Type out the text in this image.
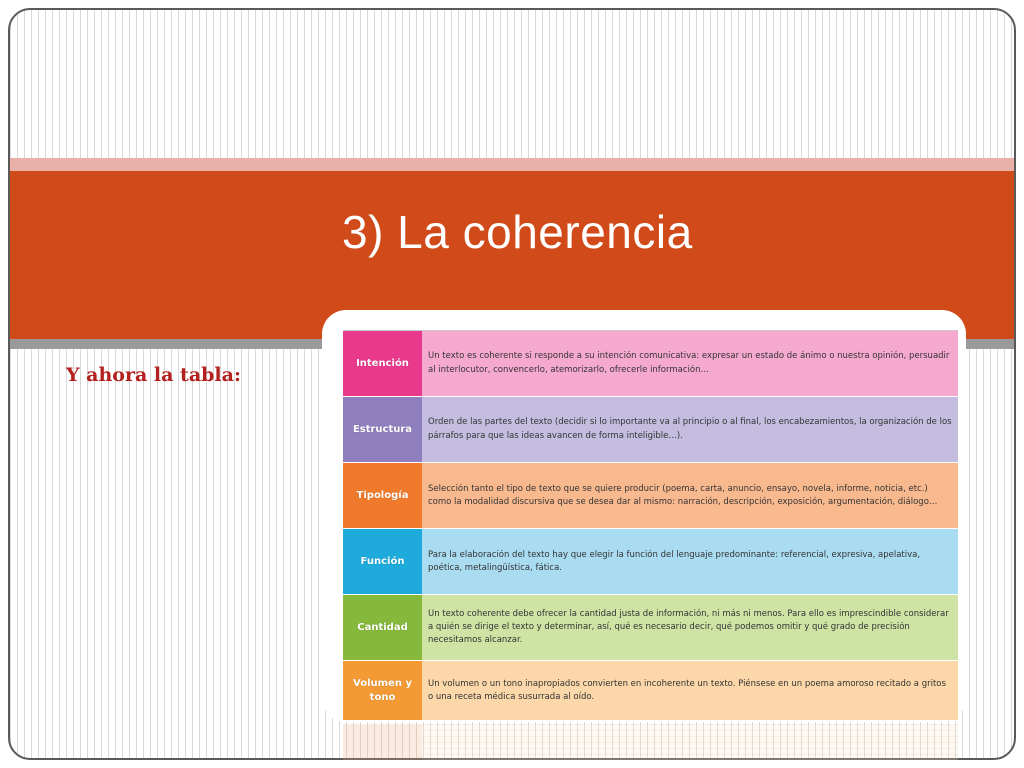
3) La coherencia

Y ahora la tabla:

Intención
Un texto es coherente si responde a su intención comunicativa: expresar un estado de ánimo o nuestra opinión, persuadir al interlocutor, convencerlo, atemorizarlo, ofrecerle información…
Estructura
Orden de las partes del texto (decidir si lo importante va al principio o al final, los encabezamientos, la organización de los párrafos para que las ideas avancen de forma inteligible…).
Tipología
Selección tanto el tipo de texto que se quiere producir (poema, carta, anuncio, ensayo, novela, informe, noticia, etc.) como la modalidad discursiva que se desea dar al mismo: narración, descripción, exposición, argumentación, diálogo…
Función
Para la elaboración del texto hay que elegir la función del lenguaje predominante: referencial, expresiva, apelativa, poética, metalingüística, fática.
Cantidad
Un texto coherente debe ofrecer la cantidad justa de información, ni más ni menos. Para ello es imprescindible considerar a quién se dirige el texto y determinar, así, qué es necesario decir, qué podemos omitir y qué grado de precisión necesitamos alcanzar.
Volumen y tono
Un volumen o un tono inapropiados convierten en incoherente un texto. Piénsese en un poema amoroso recitado a gritos o una receta médica susurrada al oído.
